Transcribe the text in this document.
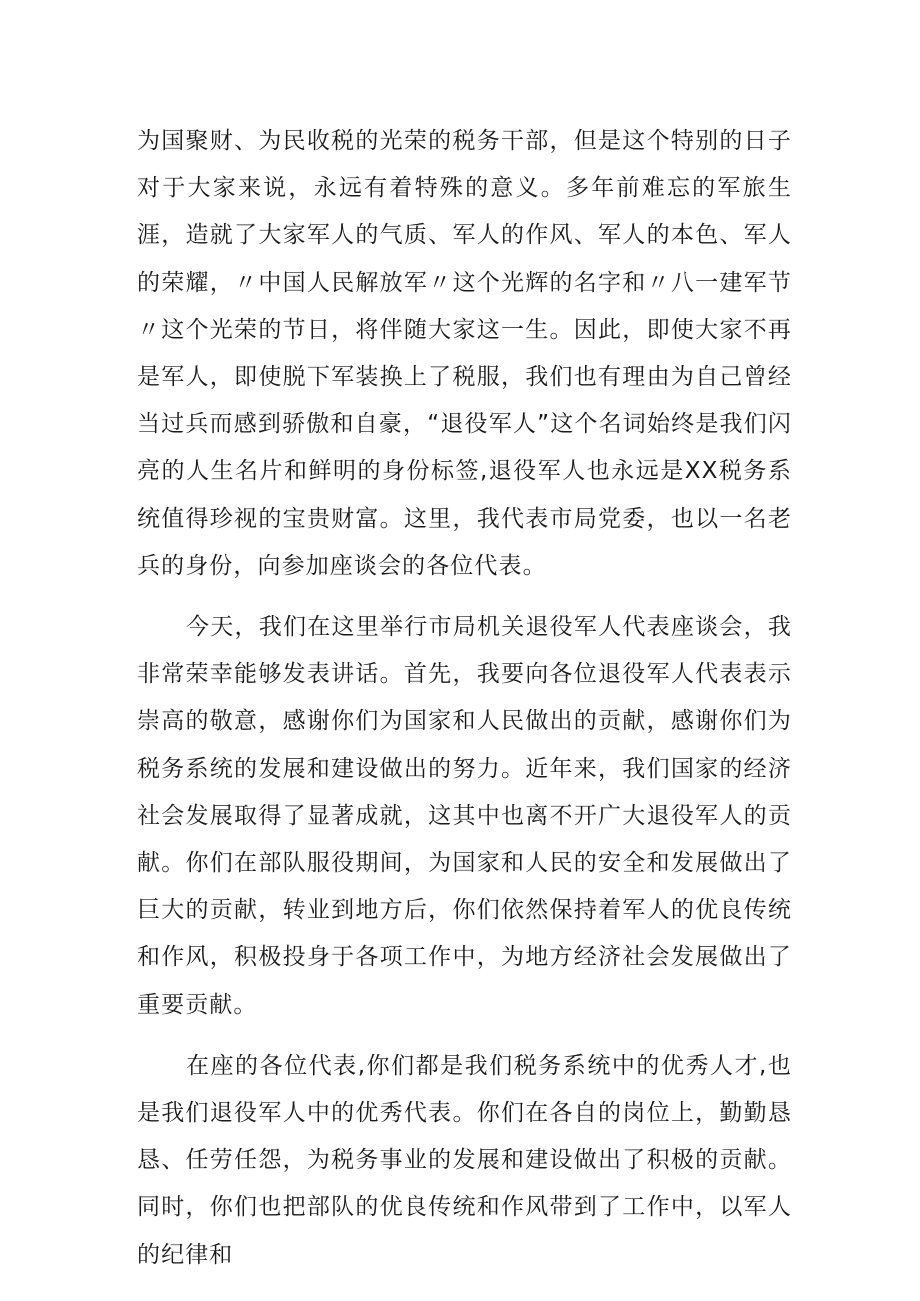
为国聚财、为民收税的光荣的税务干部，但是这个特别的日子对于大家来说，永远有着特殊的意义。多年前难忘的军旅生涯，造就了大家军人的气质、军人的作风、军人的本色、军人的荣耀，〃中国人民解放军〃这个光辉的名字和〃八一建军节〃这个光荣的节日，将伴随大家这一生。因此，即使大家不再是军人，即使脱下军装换上了税服，我们也有理由为自己曾经当过兵而感到骄傲和自豪，“退役军人”这个名词始终是我们闪亮的人生名片和鲜明的身份标签,退役军人也永远是XX税务系统值得珍视的宝贵财富。这里，我代表市局党委，也以一名老兵的身份，向参加座谈会的各位代表。

今天，我们在这里举行市局机关退役军人代表座谈会，我非常荣幸能够发表讲话。首先，我要向各位退役军人代表表示崇高的敬意，感谢你们为国家和人民做出的贡献，感谢你们为税务系统的发展和建设做出的努力。近年来，我们国家的经济社会发展取得了显著成就，这其中也离不开广大退役军人的贡献。你们在部队服役期间，为国家和人民的安全和发展做出了巨大的贡献，转业到地方后，你们依然保持着军人的优良传统和作风，积极投身于各项工作中，为地方经济社会发展做出了重要贡献。

在座的各位代表,你们都是我们税务系统中的优秀人才,也是我们退役军人中的优秀代表。你们在各自的岗位上，勤勤恳恳、任劳任怨，为税务事业的发展和建设做出了积极的贡献。同时，你们也把部队的优良传统和作风带到了工作中，以军人的纪律和
